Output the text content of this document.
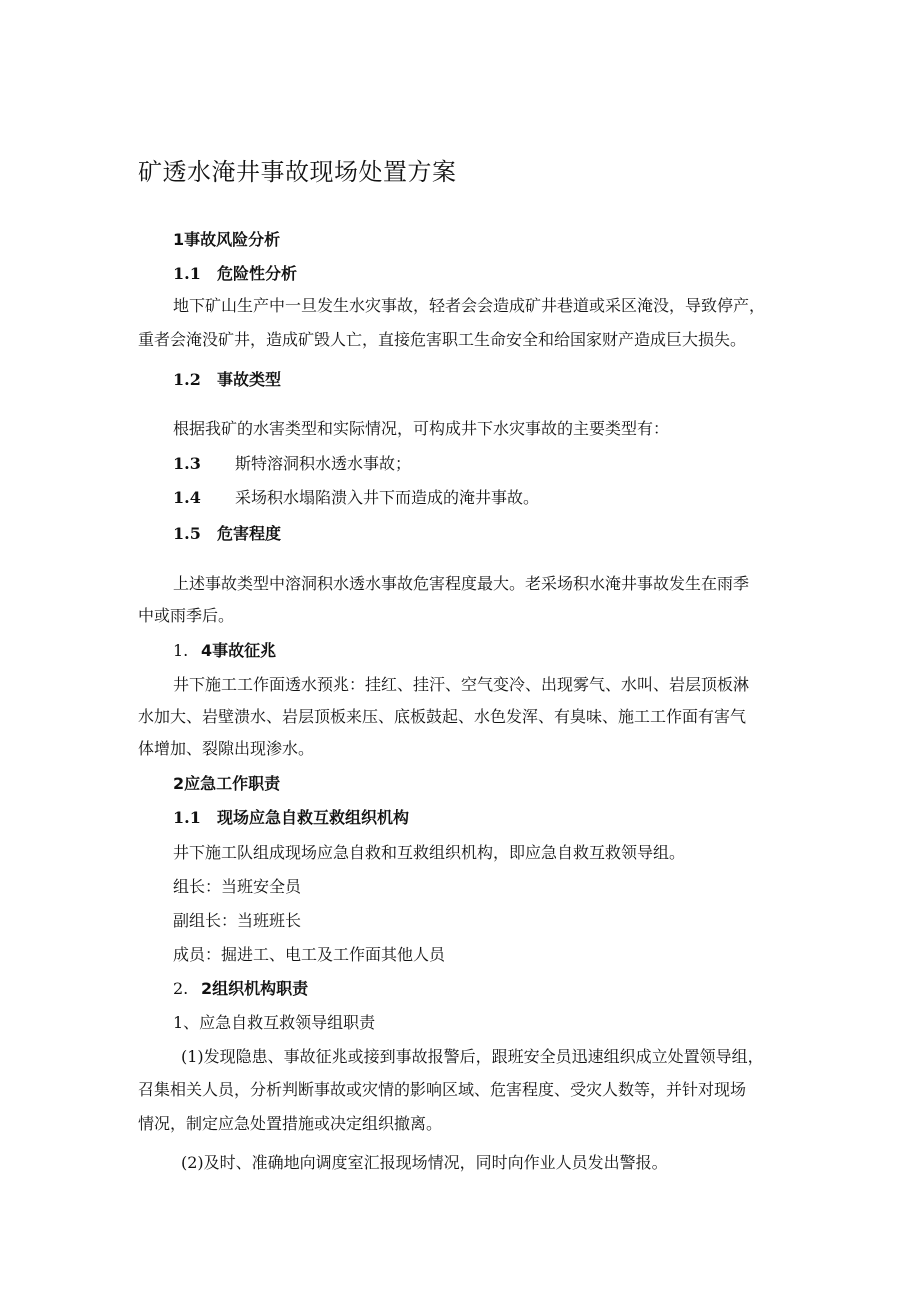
矿透水淹井事故现场处置方案
1事故风险分析
1.1 危险性分析
地下矿山生产中一旦发生水灾事故，轻者会会造成矿井巷道或采区淹没，导致停产，
重者会淹没矿井，造成矿毁人亡，直接危害职工生命安全和给国家财产造成巨大损失。
1.2 事故类型
根据我矿的水害类型和实际情况，可构成井下水灾事故的主要类型有：
1.3 斯特溶洞积水透水事故；
1.4 采场积水塌陷溃入井下而造成的淹井事故。
1.5 危害程度
上述事故类型中溶洞积水透水事故危害程度最大。老采场积水淹井事故发生在雨季
中或雨季后。
1. 4事故征兆
井下施工工作面透水预兆：挂红、挂汗、空气变冷、出现雾气、水叫、岩层顶板淋
水加大、岩壁溃水、岩层顶板来压、底板鼓起、水色发浑、有臭味、施工工作面有害气
体增加、裂隙出现渗水。
2应急工作职责
1.1 现场应急自救互救组织机构
井下施工队组成现场应急自救和互救组织机构，即应急自救互救领导组。
组长：当班安全员
副组长：当班班长
成员：掘进工、电工及工作面其他人员
2. 2组织机构职责
1、应急自救互救领导组职责
(1)发现隐患、事故征兆或接到事故报警后，跟班安全员迅速组织成立处置领导组，
召集相关人员，分析判断事故或灾情的影响区域、危害程度、受灾人数等，并针对现场
情况，制定应急处置措施或决定组织撤离。
(2)及时、准确地向调度室汇报现场情况，同时向作业人员发出警报。
